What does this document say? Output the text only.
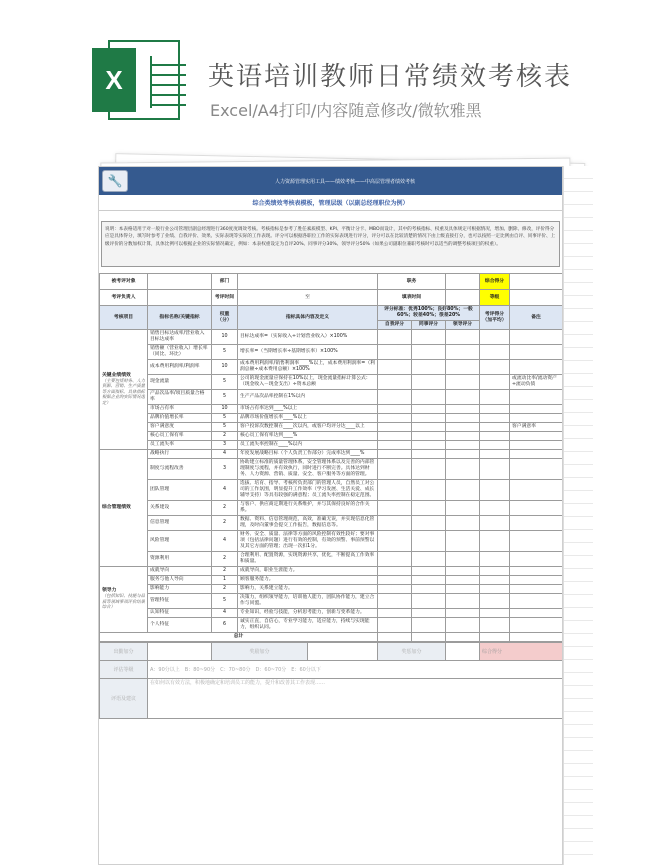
X	英语培训教师日常绩效考核表
Excel/A4打印/内容随意修改/微软雅黑
🔧	人力资源管理实用工具——绩效考核——中高层管理者绩效考核
综合类绩效考核表模板，管理层级（以副总经理职位为例）
说明：本表格适用于对一般行业公司管理层副总经理进行360度度调效考核。考核指标是参考了胜任素质模型、KPI、平衡计分卡、MBO而设计，其中的考核指标、权重及具体规定可根据情况，增加、删除、修改，评价得分应是具体得分，填写时参考了业绩、自我评价、效果、实际表现等实际的工作表现。评分可以根据各职位工作的实际表现进行评分，评分可以在比较清楚的情况下由上级直接打分，也可以按照一定比例由自评、同事评价、上级评价的分数加权计算，具体比例可以根据企业的实际情况确定，例如：本表权重设定为自评20%、同事评分30%、领导评分50%（如果公司副职位兼职考核时可以适当的调整考核项目的权重）。
被考评对象		部门		职务			综合得分	
考评负责人		考评时间	至	填表时间			等级	
考核项目	指标名称/关键指标	权重（分）	指标具体内容及定义	评分标准：优秀100%；良好80%；一般60%；较差40%；很差20%			考评得分（加平均）	备注
				自我评分	同事评分	领导评分		
关键业绩绩效
（主要包括财务、人力资源、营销、生产质量等方面指标，具体指标根据企业的实际情况选定）	销售目标达成率/营业收入目标达成率	10	目标达成率=（实际收入÷计划营业收入）×100%					
	销售额（营业收入）增长率（同比、环比）	5	增长率=（当期增长率÷基期增长率）×100%					
	成本费用利润率/利润率	10	成本费用利润率/销售利润率____%以上，成本费用利润率=（利润总额÷成本费用总额）×100%					
	现金流量	5	公司的现金流量应保持在10%以上，现金流量指标计算公式：（现金收入－现金支出）÷资本总额					或流动比率/流动资产÷流动负债
	产品次品率/项目质量合格率	5	生产产品次品率控制在1%以内					
	市场占有率	10	市场占有率达到____%以上					
	品牌价值增长率	5	品牌市场价值增长率____%以上					
	客户满意度	5	客户投诉次数控制在____次以内，或客户均评分达____以上					客户满意率
	核心员工保有率	2	核心员工保有率达到____%					
	员工流失率	3	员工流失率控制在____%以内					
综合管理绩效	战略执行	4	年度发展战略目标（个人负责工作部分）完成率达到____%					
	制度与流程改善	3	协助建立标准的质量管理体系，安全管理体系以及完善的内部管理制度与流程，并有效执行，同时进行不断完善。具体达到财务、人力资源、营销、质量、安全、客户服务等方面的管理。					
	团队管理	4	选拔、培育、指导、考核所负责部门的管理人员，自然员工对公司的工作氛围，明显提升工作效率（学习发展、生活关爱、成长辅导支持）等具有较强的满意程；员工流失率控制在稳定范围。					
	关系建设	2	与客户、供应商定期进行关系维护，并与其保持良好的合作关系。					
	信息管理	2	数据、资料、信息管理规范，高效，准确无误，并实现信息化管理，及时向董事会提交工作报告，数据信息等。					
	风险管理	4	财务、安全、质量、法律等方面的风险控制有效性较好；要对事项（包括法律问题）进行有效的控制，有效的预警、事前预警以及其它方面的管理；出现一次扣1分。					
	资源利用	2	合理利用、配置资源，实现资源共享，优化，不断提高工作效率和质量。					
领导力
（包括知识、技能与品质等领域事项评价结果综合）	成就导向	2	成就导向，职业生涯能力。					
	服务与他人导向	1	顾客服务能力。					
	影响能力	2	影响力，关系建立能力。					
	管理特征	5	决策力，组织领导能力，培训他人能力，团队协作能力，建立合作与同盟。					
	认知特征	4	专业知识，经验与技能，分析思考能力，创新与变革能力。					
	个人特征	6	诚实正直，自信心，专业学习能力，适应能力，持续与实现能力，组织认同。					
总计								
出勤加分		奖励加分		奖惩加分		综合得分
评估等级	A：90分以上　B：80~90分　C：70~80分　D：60~70分　E：60分以下					
评语及建议	在如何以有效方法，积极地确定和培训员工的能力，提升和改善其工作表现……					
